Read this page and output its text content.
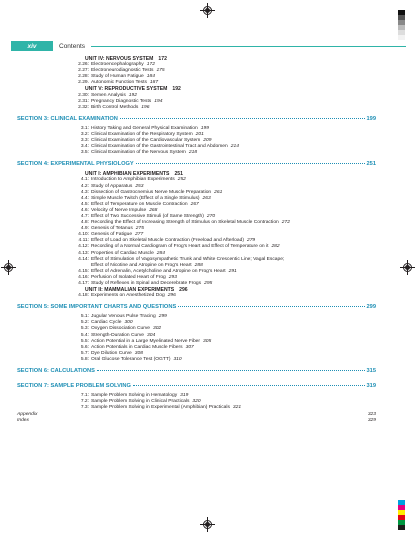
xiv	Contents
UNIT IV: NERVOUS SYSTEM 172
2.26: Electroencephalography 172
2.27: Electroneurodiagnostic Tests 175
2.28: Study of Human Fatigue 184
2.29. Autonomic Function Tests 187
UNIT V: REPRODUCTIVE SYSTEM 192
2.30: Semen Analysis 192
2.31: Pregnancy Diagnostic Tests 194
2.32: Birth Control Methods 196
SECTION 3: CLINICAL EXAMINATION	199
3.1: History Taking and General Physical Examination 199
3.2: Clinical Examination of the Respiratory System 201
3.3: Clinical Examination of the Cardiovascular System 209
3.4: Clinical Examination of the Gastrointestinal Tract and Abdomen 214
3.5: Clinical Examination of the Nervous System 218
SECTION 4: EXPERIMENTAL PHYSIOLOGY	251
UNIT I: AMPHIBIAN EXPERIMENTS 251
4.1: Introduction to Amphibian Experiments 252
4.2: Study of Apparatus 253
4.3: Dissection of Gastrocnemius Nerve Muscle Preparation 261
4.4: Simple Muscle Twitch (Effect of a Single Stimulus) 263
4.5: Effect of Temperature on Muscle Contraction 267
4.6: Velocity of Nerve Impulse 268
4.7: Effect of Two Successive Stimuli (of Same Strength) 270
4.8: Recording the Effect of Increasing Strength of Stimulus on Skeletal Muscle Contraction 272
4.9: Genesis of Tetanus 275
4.10: Genesis of Fatigue 277
4.11: Effect of Load on Skeletal Muscle Contraction (Freeload and Afterload) 279
4.12: Recording of a Normal Cardiogram of Frog's Heart and Effect of Temperature on it 282
4.13: Properties of Cardiac Muscle 284
4.14: Effect of Stimulation of Vagosympathetic Trunk and White Crescentic Line; Vagal Escape;
Effect of Nicotine and Atropine on Frog's Heart 288
4.15: Effect of Adrenalin, Acetylcholine and Atropine on Frog's Heart 291
4.16: Perfusion of Isolated Heart of Frog 293
4.17: Study of Reflexes in Spinal and Decerebrate Frogs 295
UNIT II: MAMMALIAN EXPERIMENTS 296
4.18: Experiments on Anesthetized Dog 296
SECTION 5: SOME IMPORTANT CHARTS AND QUESTIONS	299
5.1: Jugular Venous Pulse Tracing 299
5.2: Cardiac Cycle 300
5.3: Oxygen Dissociation Curve 302
5.4: Strength-Duration Curve 304
5.5: Action Potential in a Large Myelinated Nerve Fiber 305
5.6: Action Potentials in Cardiac Muscle Fibers 307
5.7: Dye Dilution Curve 308
5.8: Oral Glucose Tolerance Test (OGTT) 310
SECTION 6: CALCULATIONS	315
SECTION 7: SAMPLE PROBLEM SOLVING	319
7.1: Sample Problem Solving in Hematology 319
7.2: Sample Problem Solving in Clinical Practicals 320
7.3: Sample Problem Solving in Experimental (Amphibian) Practicals 321
Appendix	323
Index	329
